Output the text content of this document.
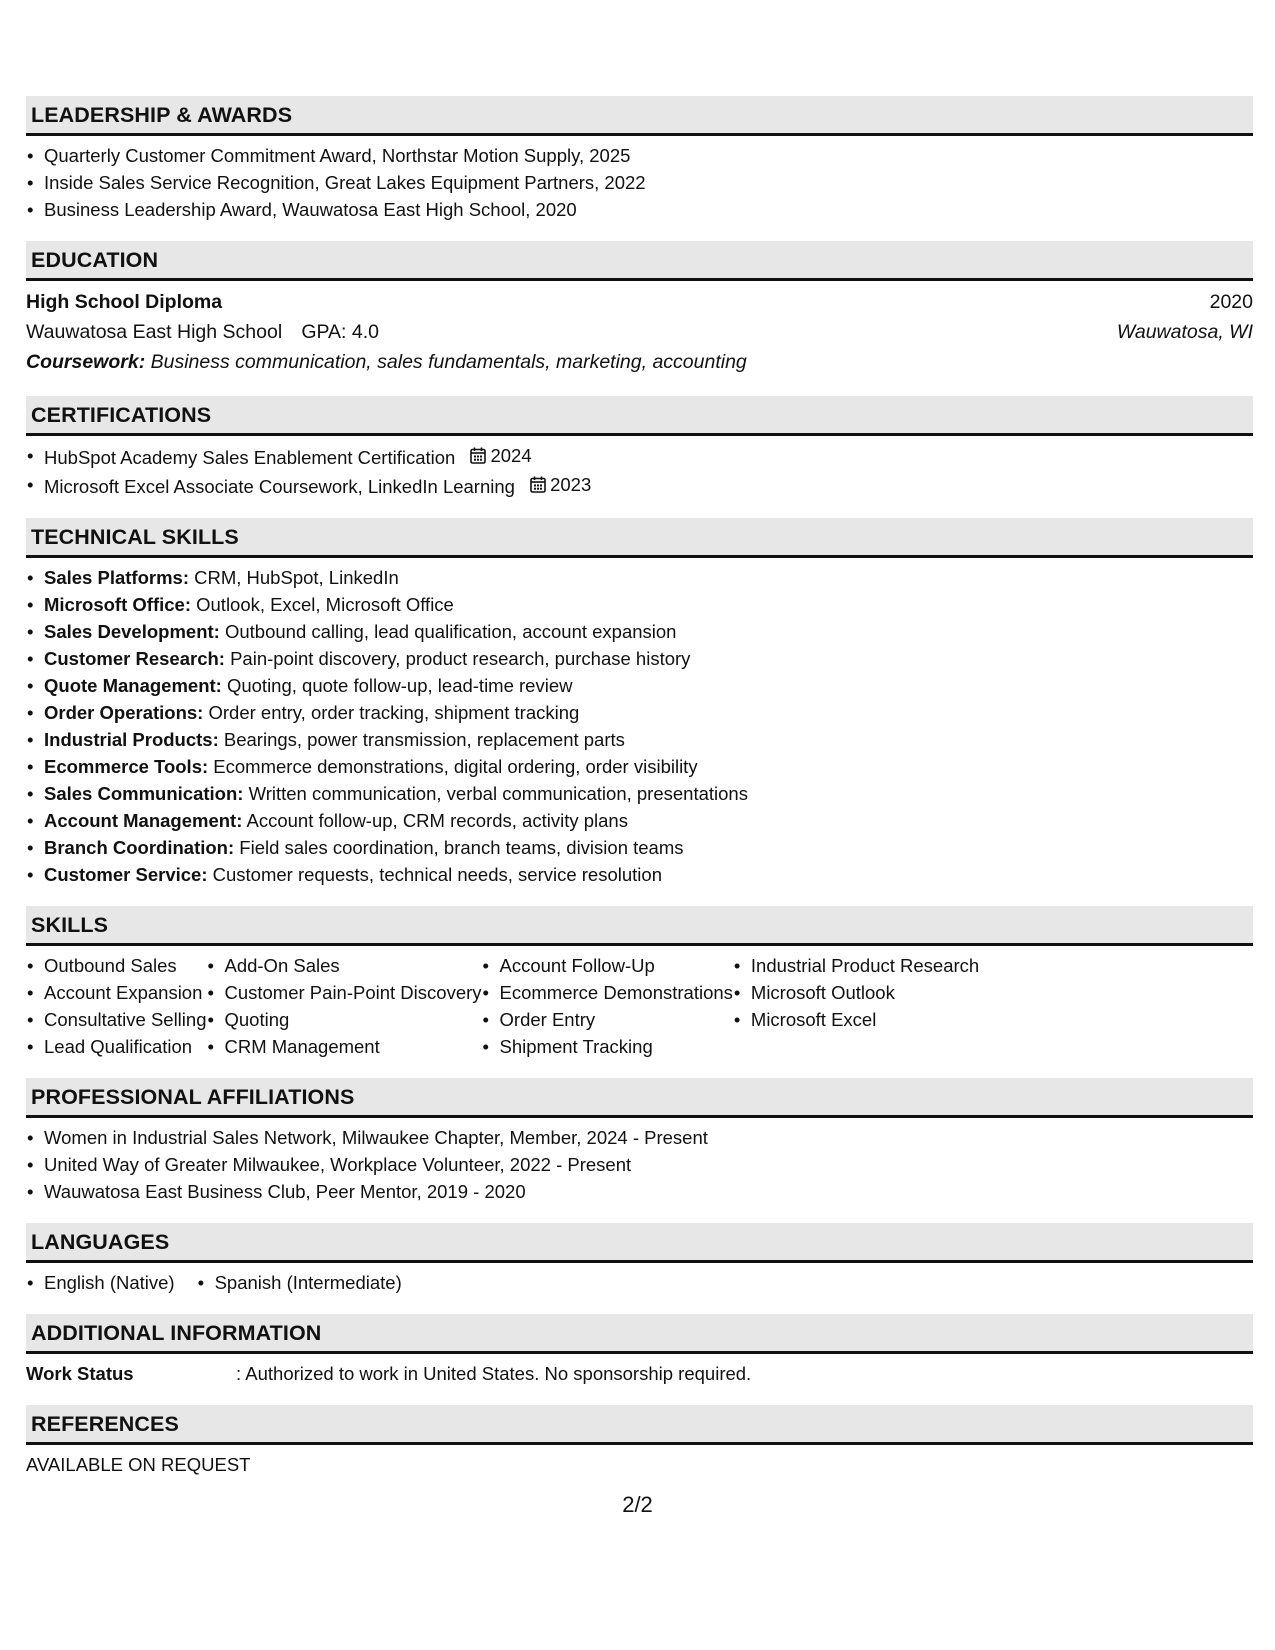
LEADERSHIP & AWARDS
• Quarterly Customer Commitment Award, Northstar Motion Supply, 2025
• Inside Sales Service Recognition, Great Lakes Equipment Partners, 2022
• Business Leadership Award, Wauwatosa East High School, 2020
EDUCATION
High School Diploma	2020
Wauwatosa East High School GPA: 4.0	Wauwatosa, WI
Coursework: Business communication, sales fundamentals, marketing, accounting
CERTIFICATIONS
• HubSpot Academy Sales Enablement Certification 2024
• Microsoft Excel Associate Coursework, LinkedIn Learning 2023
TECHNICAL SKILLS
• Sales Platforms: CRM, HubSpot, LinkedIn
• Microsoft Office: Outlook, Excel, Microsoft Office
• Sales Development: Outbound calling, lead qualification, account expansion
• Customer Research: Pain-point discovery, product research, purchase history
• Quote Management: Quoting, quote follow-up, lead-time review
• Order Operations: Order entry, order tracking, shipment tracking
• Industrial Products: Bearings, power transmission, replacement parts
• Ecommerce Tools: Ecommerce demonstrations, digital ordering, order visibility
• Sales Communication: Written communication, verbal communication, presentations
• Account Management: Account follow-up, CRM records, activity plans
• Branch Coordination: Field sales coordination, branch teams, division teams
• Customer Service: Customer requests, technical needs, service resolution
SKILLS
• Outbound Sales
• Account Expansion
• Consultative Selling
• Lead Qualification
• Add-On Sales
• Customer Pain-Point Discovery
• Quoting
• CRM Management
• Account Follow-Up
• Ecommerce Demonstrations
• Order Entry
• Shipment Tracking
• Industrial Product Research
• Microsoft Outlook
• Microsoft Excel
PROFESSIONAL AFFILIATIONS
• Women in Industrial Sales Network, Milwaukee Chapter, Member, 2024 - Present
• United Way of Greater Milwaukee, Workplace Volunteer, 2022 - Present
• Wauwatosa East Business Club, Peer Mentor, 2019 - 2020
LANGUAGES
• English (Native)
•	Spanish (Intermediate)
ADDITIONAL INFORMATION
Work Status	: Authorized to work in United States. No sponsorship required.
REFERENCES
AVAILABLE ON REQUEST
2/2
